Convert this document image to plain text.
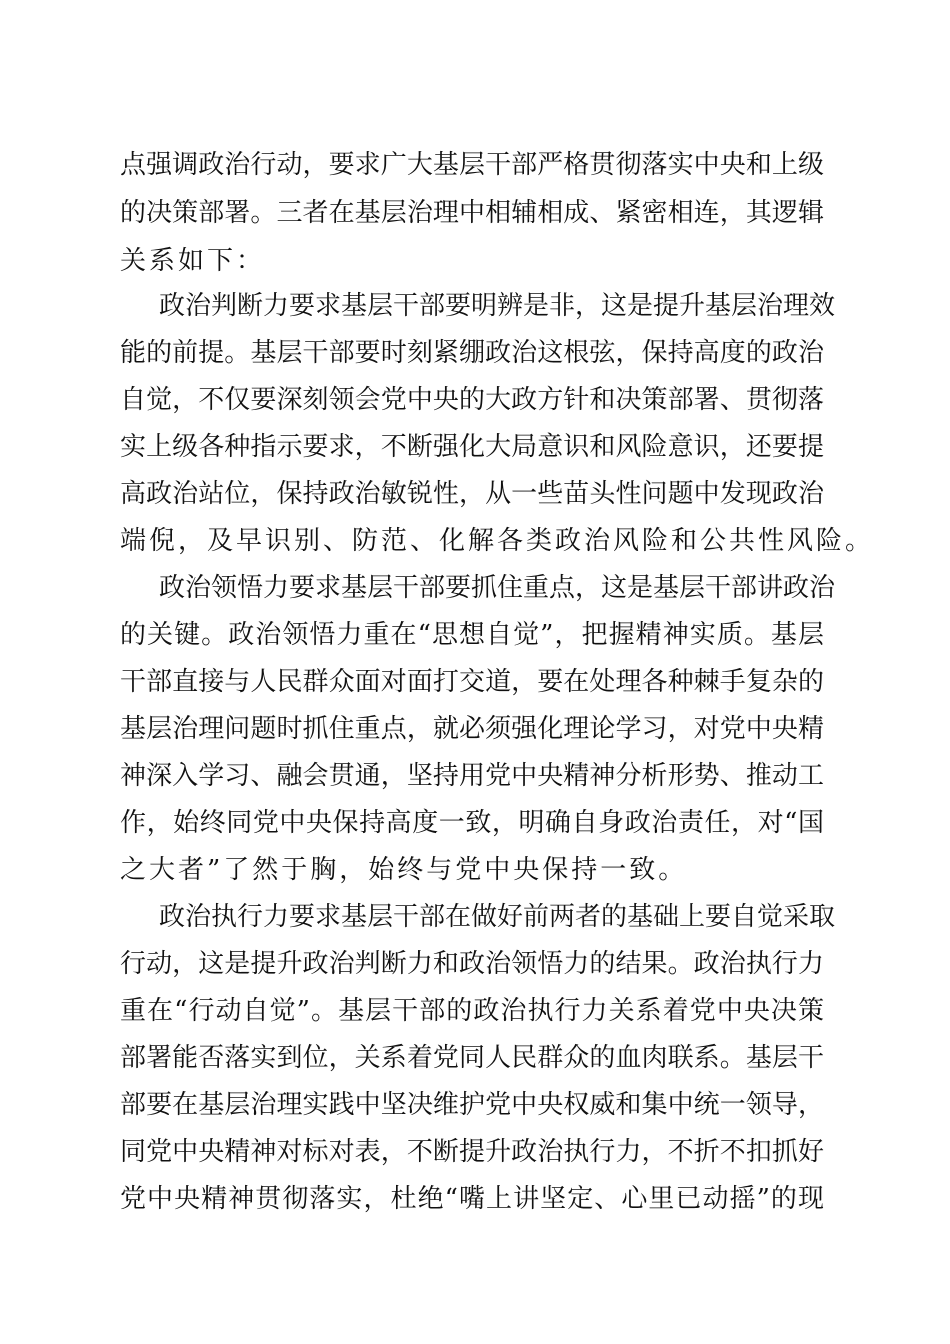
点强调政治行动，要求广大基层干部严格贯彻落实中央和上级
的决策部署。三者在基层治理中相辅相成、紧密相连，其逻辑
关系如下：
政治判断力要求基层干部要明辨是非，这是提升基层治理效
能的前提。基层干部要时刻紧绷政治这根弦，保持高度的政治
自觉，不仅要深刻领会党中央的大政方针和决策部署、贯彻落
实上级各种指示要求，不断强化大局意识和风险意识，还要提
高政治站位，保持政治敏锐性，从一些苗头性问题中发现政治
端倪，及早识别、防范、化解各类政治风险和公共性风险。
政治领悟力要求基层干部要抓住重点，这是基层干部讲政治
的关键。政治领悟力重在“思想自觉”，把握精神实质。基层
干部直接与人民群众面对面打交道，要在处理各种棘手复杂的
基层治理问题时抓住重点，就必须强化理论学习，对党中央精
神深入学习、融会贯通，坚持用党中央精神分析形势、推动工
作，始终同党中央保持高度一致，明确自身政治责任，对“国
之大者”了然于胸，始终与党中央保持一致。
政治执行力要求基层干部在做好前两者的基础上要自觉采取
行动，这是提升政治判断力和政治领悟力的结果。政治执行力
重在“行动自觉”。基层干部的政治执行力关系着党中央决策
部署能否落实到位，关系着党同人民群众的血肉联系。基层干
部要在基层治理实践中坚决维护党中央权威和集中统一领导，
同党中央精神对标对表，不断提升政治执行力，不折不扣抓好
党中央精神贯彻落实，杜绝“嘴上讲坚定、心里已动摇”的现
